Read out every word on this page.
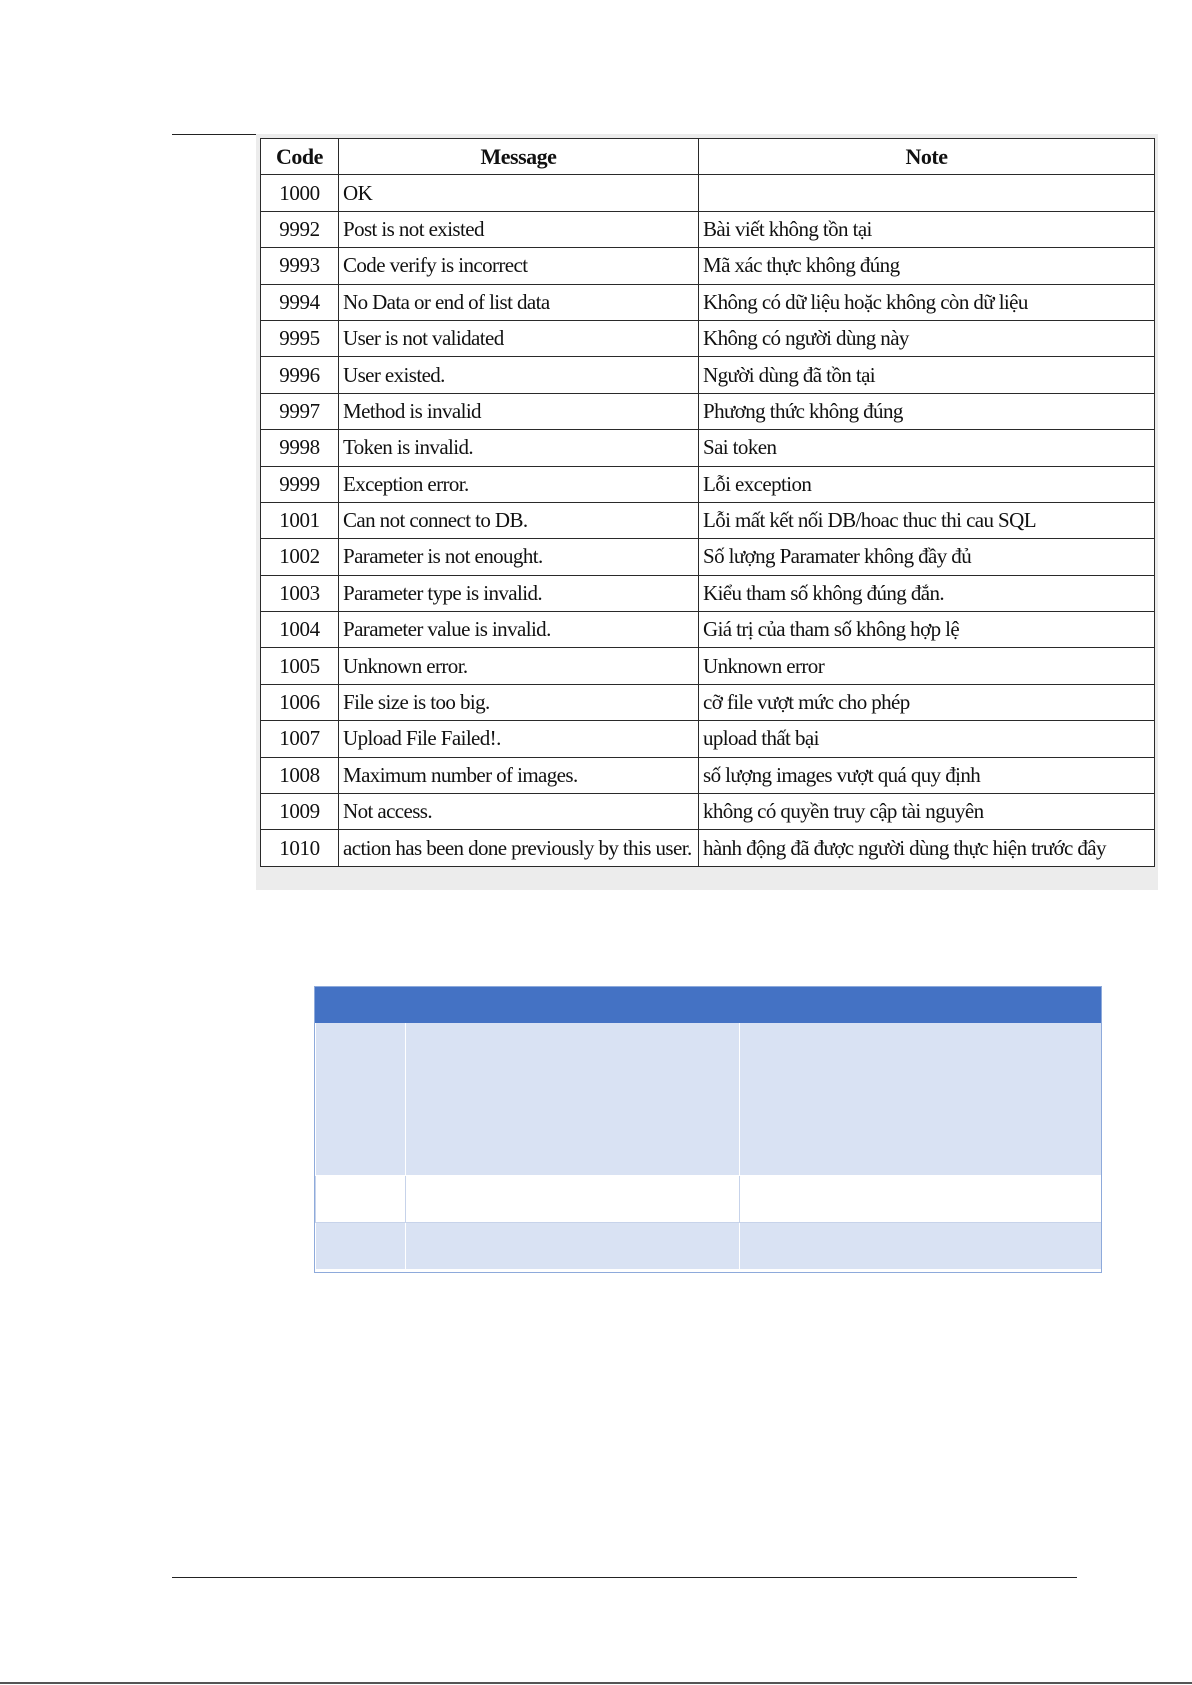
Code	Message	Note
1000	OK	
9992	Post is not existed	Bài viết không tồn tại
9993	Code verify is incorrect	Mã xác thực không đúng
9994	No Data or end of list data	Không có dữ liệu hoặc không còn dữ liệu
9995	User is not validated	Không có người dùng này
9996	User existed.	Người dùng đã tồn tại
9997	Method is invalid	Phương thức không đúng
9998	Token is invalid.	Sai token
9999	Exception error.	Lỗi exception
1001	Can not connect to DB.	Lỗi mất kết nối DB/hoac thuc thi cau SQL
1002	Parameter is not enought.	Số lượng Paramater không đầy đủ
1003	Parameter type is invalid.	Kiểu tham số không đúng đắn.
1004	Parameter value is invalid.	Giá trị của tham số không hợp lệ
1005	Unknown error.	Unknown error
1006	File size is too big.	cỡ file vượt mức cho phép
1007	Upload File Failed!.	upload thất bại
1008	Maximum number of images.	số lượng images vượt quá quy định
1009	Not access.	không có quyền truy cập tài nguyên
1010	action has been done previously by this user.	hành động đã được người dùng thực hiện trước đây
